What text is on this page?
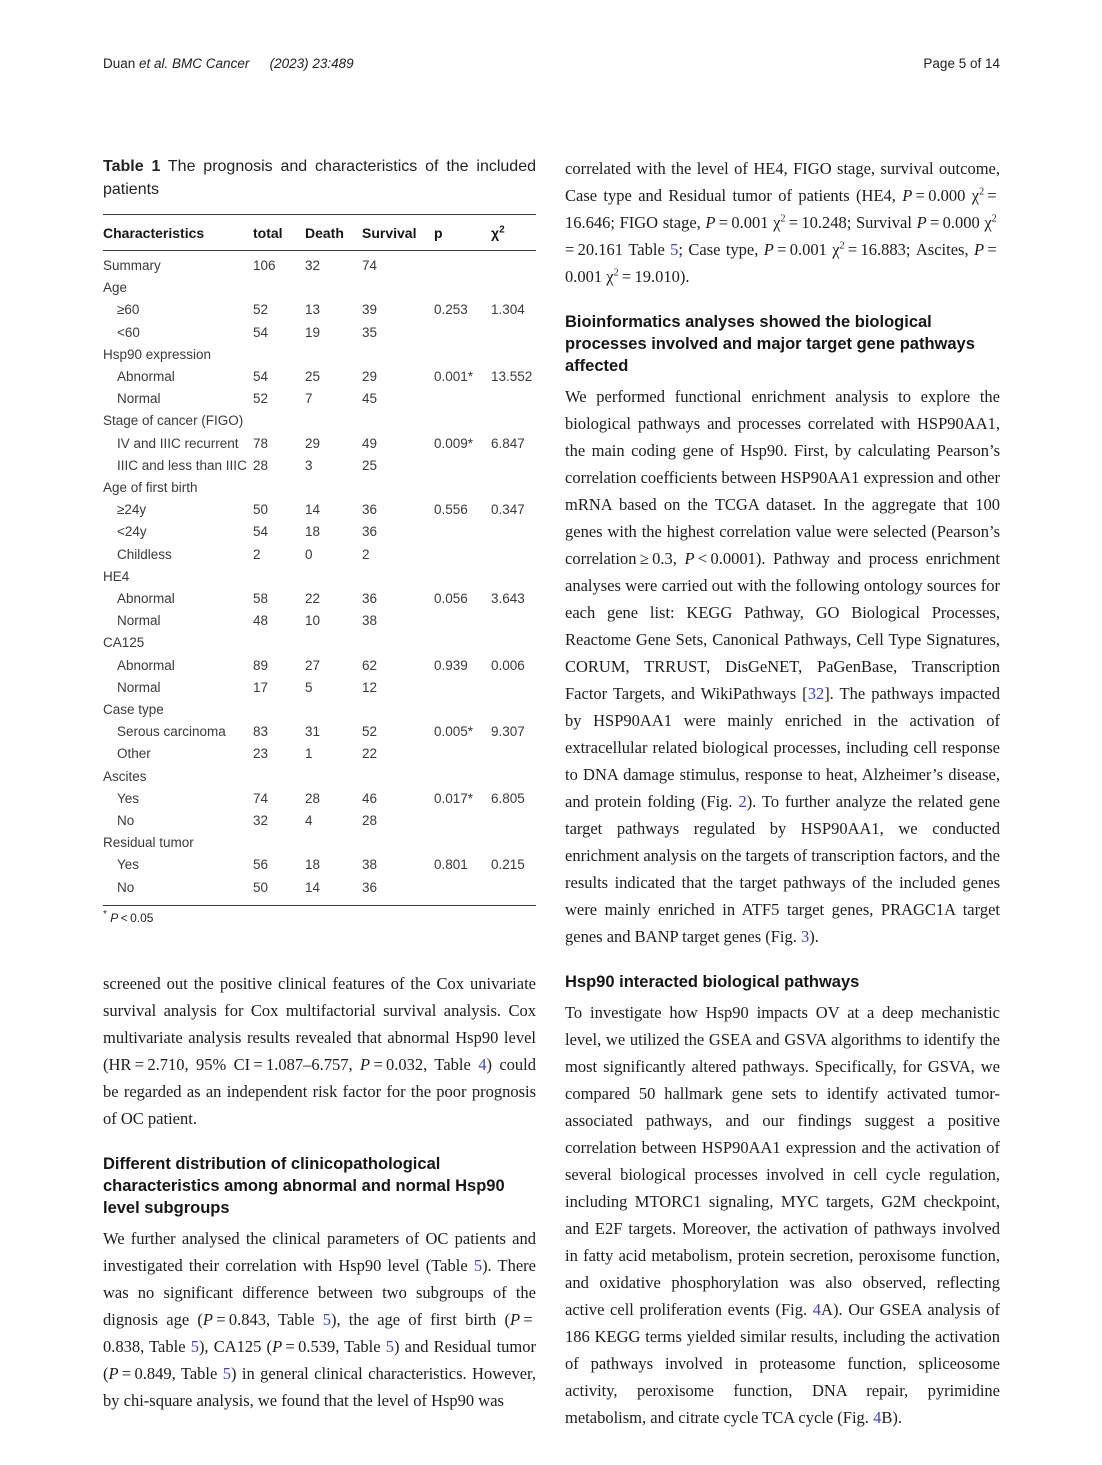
Duan et al. BMC Cancer   (2023) 23:489	Page 5 of 14
Table 1 The prognosis and characteristics of the included patients
Characteristics	total	Death	Survival	p	$\chi^2$
Summary	106	32	74
Age
≥60	52	13	39	0.253	1.304
<60	54	19	35
Hsp90 expression
Abnormal	54	25	29	0.001*	13.552
Normal	52	7	45
Stage of cancer (FIGO)
IV and IIIC recurrent	78	29	49	0.009*	6.847
IIIC and less than IIIC 28	3	25
Age of first birth
≥24y	50	14	36	0.556	0.347
<24y	54	18	36
Childless	2	0	2
HE4
Abnormal	58	22	36	0.056	3.643
Normal	48	10	38
CA125
Abnormal	89	27	62	0.939	0.006
Normal	17	5	12
Case type
Serous carcinoma	83	31	52	0.005*	9.307
Other	23	1	22
Ascites
Yes	74	28	46	0.017*	6.805
No	32	4	28
Residual tumor
Yes	56	18	38	0.801	0.215
No	50	14	36
* P < 0.05

screened out the positive clinical features of the Cox univariate survival analysis for Cox multifactorial survival analysis. Cox multivariate analysis results revealed that abnormal Hsp90 level (HR = 2.710, 95% CI = 1.087–6.757, P = 0.032, Table 4) could be regarded as an independent risk factor for the poor prognosis of OC patient.

Different distribution of clinicopathological characteristics among abnormal and normal Hsp90 level subgroups

We further analysed the clinical parameters of OC patients and investigated their correlation with Hsp90 level (Table 5). There was no significant difference between two subgroups of the dignosis age (P = 0.843, Table 5), the age of first birth (P = 0.838, Table 5), CA125 (P = 0.539, Table 5) and Residual tumor (P = 0.849, Table 5) in general clinical characteristics. However, by chi-square analysis, we found that the level of Hsp90 was

correlated with the level of HE4, FIGO stage, survival outcome, Case type and Residual tumor of patients (HE4, P = 0.000 $\chi^2 = 16.646$; FIGO stage, P = 0.001 $\chi^2 = 10.248$; Survival P = 0.000 $\chi^2 = 20.161$ Table 5; Case type, P = 0.001 $\chi^2 = 16.883$; Ascites, P = 0.001 $\chi^2 = 19.010$).

Bioinformatics analyses showed the biological processes involved and major target gene pathways affected

We performed functional enrichment analysis to explore the biological pathways and processes correlated with HSP90AA1, the main coding gene of Hsp90. First, by calculating Pearson’s correlation coefficients between HSP90AA1 expression and other mRNA based on the TCGA dataset. In the aggregate that 100 genes with the highest correlation value were selected (Pearson’s correlation ≥ 0.3, P < 0.0001). Pathway and process enrichment analyses were carried out with the following ontology sources for each gene list: KEGG Pathway, GO Biological Processes, Reactome Gene Sets, Canonical Pathways, Cell Type Signatures, CORUM, TRRUST, DisGeNET, PaGenBase, Transcription Factor Targets, and WikiPathways [32]. The pathways impacted by HSP90AA1 were mainly enriched in the activation of extracellular related biological processes, including cell response to DNA damage stimulus, response to heat, Alzheimer’s disease, and protein folding (Fig. 2). To further analyze the related gene target pathways regulated by HSP90AA1, we conducted enrichment analysis on the targets of transcription factors, and the results indicated that the target pathways of the included genes were mainly enriched in ATF5 target genes, PRAGC1A target genes and BANP target genes (Fig. 3).

Hsp90 interacted biological pathways

To investigate how Hsp90 impacts OV at a deep mechanistic level, we utilized the GSEA and GSVA algorithms to identify the most significantly altered pathways. Specifically, for GSVA, we compared 50 hallmark gene sets to identify activated tumor-associated pathways, and our findings suggest a positive correlation between HSP90AA1 expression and the activation of several biological processes involved in cell cycle regulation, including MTORC1 signaling, MYC targets, G2M checkpoint, and E2F targets. Moreover, the activation of pathways involved in fatty acid metabolism, protein secretion, peroxisome function, and oxidative phosphorylation was also observed, reflecting active cell proliferation events (Fig. 4A). Our GSEA analysis of 186 KEGG terms yielded similar results, including the activation of pathways involved in proteasome function, spliceosome activity, peroxisome function, DNA repair, pyrimidine metabolism, and citrate cycle TCA cycle (Fig. 4B).
